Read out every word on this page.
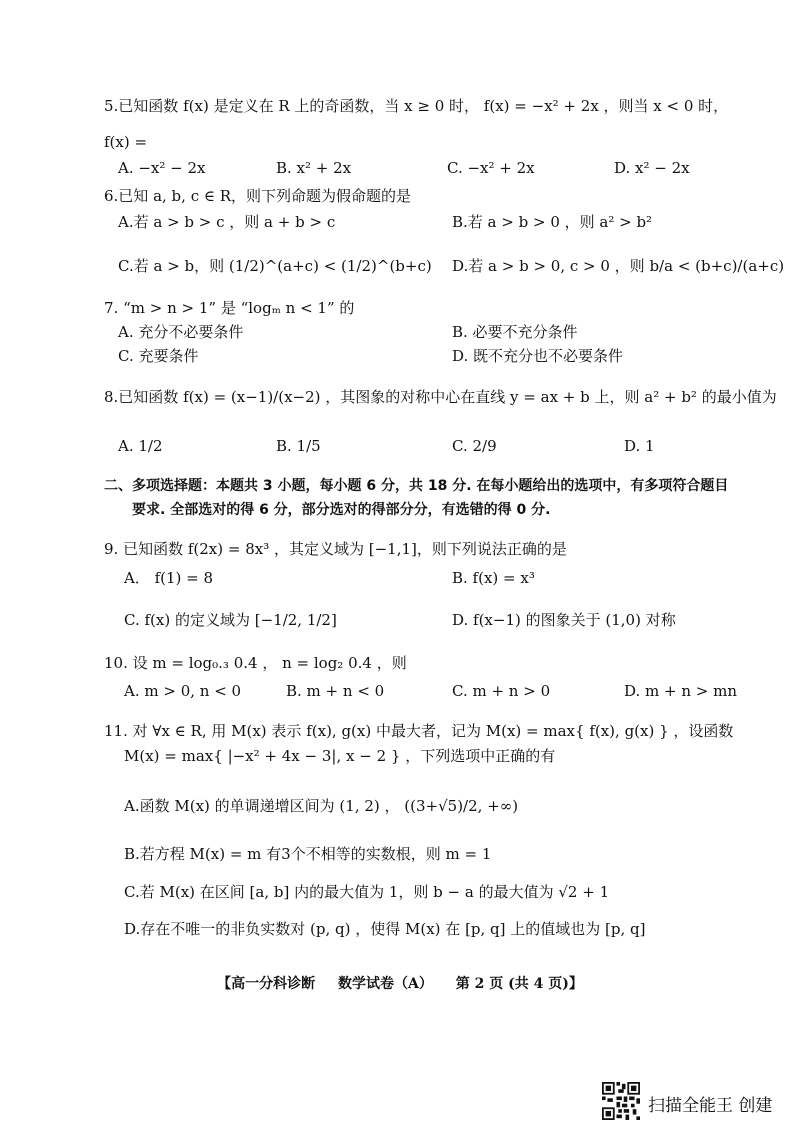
5.已知函数 f(x) 是定义在 R 上的奇函数，当 x ≥ 0 时， f(x) = −x² + 2x ，则当 x < 0 时，
f(x) =
A. −x² − 2x	B. x² + 2x	C. −x² + 2x	D. x² − 2x
6.已知 a, b, c ∈ R，则下列命题为假命题的是
A.若 a > b > c ，则 a + b > c	B.若 a > b > 0 ，则 a² > b²
C.若 a > b，则 (1/2)^(a+c) < (1/2)^(b+c) D.若 a > b > 0, c > 0 ，则 b/a < (b+c)/(a+c)
7. “m > n > 1” 是 “logₘ n < 1” 的
A. 充分不必要条件	B. 必要不充分条件
C. 充要条件	D. 既不充分也不必要条件
8.已知函数 f(x) = (x−1)/(x−2) ，其图象的对称中心在直线 y = ax + b 上，则 a² + b² 的最小值为
A. 1/2	B. 1/5	C. 2/9	D. 1
二、多项选择题：本题共 3 小题，每小题 6 分，共 18 分. 在每小题给出的选项中，有多项符合题目
要求. 全部选对的得 6 分，部分选对的得部分分，有选错的得 0 分.
9. 已知函数 f(2x) = 8x³ ，其定义域为 [−1,1]，则下列说法正确的是
A． f(1) = 8	B. f(x) = x³
C. f(x) 的定义域为 [−1/2, 1/2]	D. f(x−1) 的图象关于 (1,0) 对称
10. 设 m = log₀.₃ 0.4 ， n = log₂ 0.4 ，则
A. m > 0, n < 0	B. m + n < 0	C. m + n > 0	D. m + n > mn
11. 对 ∀x ∈ R, 用 M(x) 表示 f(x), g(x) 中最大者，记为 M(x) = max{ f(x), g(x) } ，设函数
M(x) = max{ |−x² + 4x − 3|, x − 2 } ，下列选项中正确的有
A.函数 M(x) 的单调递增区间为 (1, 2) ， ((3+√5)/2, +∞)
B.若方程 M(x) = m 有3个不相等的实数根，则 m = 1
C.若 M(x) 在区间 [a, b] 内的最大值为 1，则 b − a 的最大值为 √2 + 1
D.存在不唯一的非负实数对 (p, q) ，使得 M(x) 在 [p, q] 上的值域也为 [p, q]
【高一分科诊断 数学试卷（A） 第 2 页 (共 4 页)】
扫描全能王 创建
